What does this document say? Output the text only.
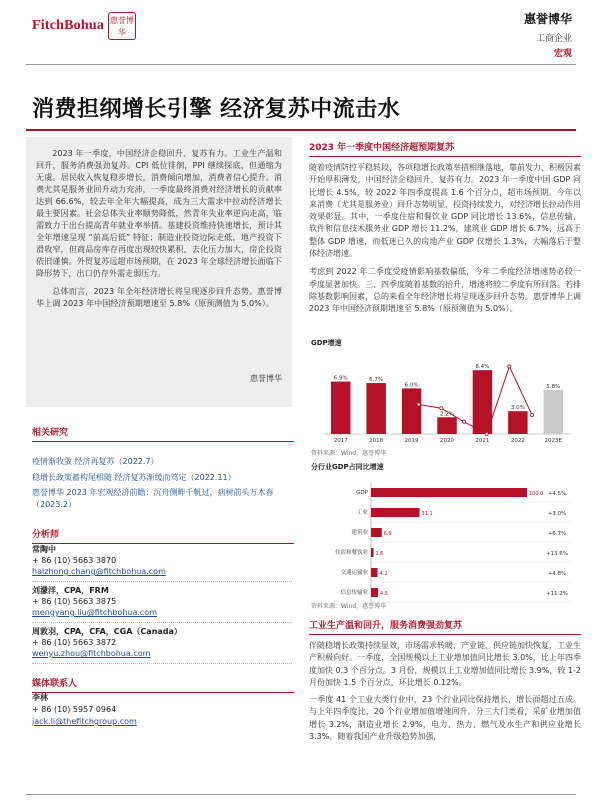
FitchBohua 惠誉博华
惠誉博华
工商企业
宏观
消费担纲增长引擎 经济复苏中流击水

2023 年一季度，中国经济企稳回升、复苏有力。工业生产温和回升，服务消费强劲复苏。CPI 低位徘徊，PPI 继续探底，但通缩为无虞。居民收入恢复稳步增长，消费倾向增加，消费者信心提升。消费尤其是服务业回升动力充沛，一季度最终消费对经济增长的贡献率达到 66.6%，较去年全年大幅提高，成为三大需求中拉动经济增长最主要因素。社会总体失业率顺势降低，然青年失业率逆向走高，临需致力于出台提高青年就业率举措。基建投资维持快速增长，预计其全年增速呈现 “前高后低” 特征；制造业投资边际走低，地产投资下滑收窄，但商品房库存再度出现较快累积，去化压力加大，房企投资依旧谨慎。外贸复苏远超市场预期，在 2023 年全球经济增长面临下降形势下，出口仍存外需走弱压力。

总体而言，2023 年全年经济增长将呈现逐步回升态势。惠誉博华上调 2023 年中国经济预期增速至 5.8%（原预测值为 5.0%）。

惠誉博华
相关研究
疫情渐收敛 经济再复苏（2022.7）
稳增长政策蓄构尾相随 经济复苏渐缓而笃定（2022.11）
惠誉博华 2023 年宏观经济前瞻：沉舟侧畔千帆过，病树前头万木春（2023.2）
分析师
常陶中
+ 86 (10) 5663 3870
haizhong.chang@fitchbohua.com
刘濛洋，CPA，FRM
+ 86 (10) 5663 3875
mengyang.liu@fitchbohua.com
周敦羽，CPA，CFA，CGA（Canada）
+ 86 (10) 5663 3872
wenyu.zhou@fitchbohua.com
媒体联系人
李林
+ 86 (10) 5957 0964
jack.li@thefitchgroup.com
2023 年一季度中国经济超预期复苏

随着疫情防控平稳转段，各项稳增长政策举措相继落地，靠前发力，积极因素开始厚积薄发，中国经济企稳回升、复苏有力。2023 年一季度中国 GDP 同比增长 4.5%，较 2022 年四季度提高 1.6 个百分点，超市场预期。今年以来消费（尤其是服务业）回升态势明显，投资持续发力，对经济增长拉动作用效果彰显。其中，一季度住宿和餐饮业 GDP 同比增长 13.6%，信息传输、软件和信息技术服务业 GDP 增长 11.2%，建筑业 GDP 增长 6.7%，远高于整体 GDP 增速，而低迷已久的房地产业 GDP 仅增长 1.3%，大幅落后于整体经济增速。

考虑到 2022 年二季度受疫情影响基数偏低，今年二季度经济增速势必较一季度显著加快。三、四季度随着基数的抬升，增速将较二季度有所回落。若排除基数影响因素，总的来看全年经济增长将呈现逐步回升态势。惠誉博华上调 2023 年中国经济预期增速至 5.8%（原预测值为 5.0%）。

GDP增速
6.9%
2017
6.7%
2018
6.0%
2019
2.2%
2020
8.4%
2021
3.0%
2022
5.8%
2023E
资料来源：Wind，惠誉博华
分行业GDP占同比增速
GDP	100.0 +4.5%
工业	31.1	+3.0%
建筑业	6.9	+6.7%
住宿和餐饮业 1.6	+13.6%
交通运输业 4.2	+4.8%
信息传输业 4.5	+11.2%
资料来源：Wind，惠誉博华
工业生产温和回升，服务消费强劲复苏

伴随稳增长政策持续显效，市场需求转暖，产业链、供应链加快恢复，工业生产积极向好。一季度，全国规模以上工业增加值同比增长 3.0%，比上年四季度加快 0.3 个百分点。3 月份，规模以上工业增加值同比增长 3.9%，较 1-2 月份加快 1.5 个百分点，环比增长 0.12%。

一季度 41 个工业大类行业中，23 个行业同比保持增长，增长面超过五成。与上年四季度比，20 个行业增加值增速回升。分三大门类看，采矿业增加值增长 3.2%，制造业增长 2.9%，电力、热力、燃气及水生产和供应业增长 3.3%。随着我国产业升级趋势加强，
